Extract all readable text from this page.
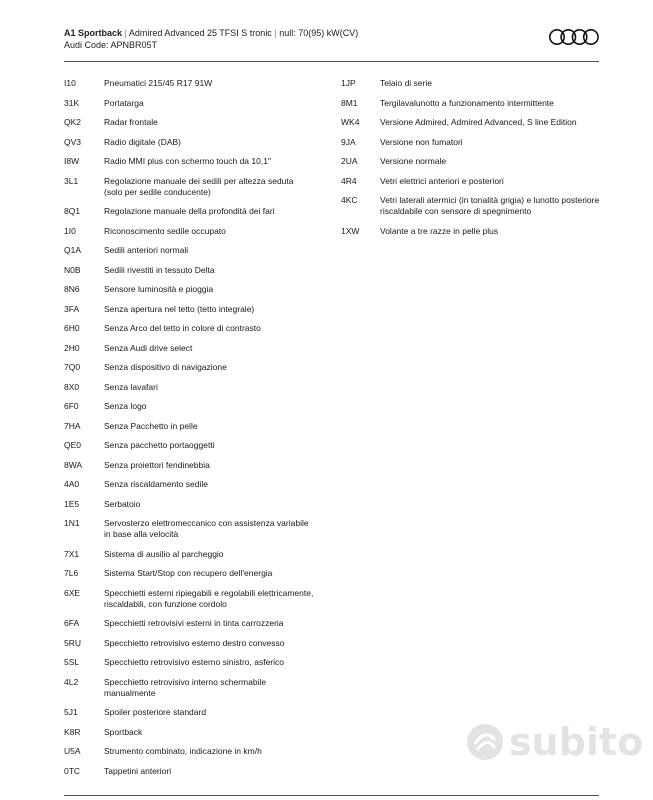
A1 Sportback | Admired Advanced 25 TFSI S tronic | null: 70(95) kW(CV)
Audi Code: APNBR05T
I10	Pneumatici 215/45 R17 91W
31K	Portatarga
QK2	Radar frontale
QV3	Radio digitale (DAB)
I8W	Radio MMI plus con schermo touch da 10,1"
3L1	Regolazione manuale dei sedili per altezza seduta (solo per sedile conducente)
8Q1	Regolazione manuale della profondità dei fari
1I0	Riconoscimento sedile occupato
Q1A	Sedili anteriori normali
N0B	Sedili rivestiti in tessuto Delta
8N6	Sensore luminosità e pioggia
3FA	Senza apertura nel tetto (tetto integrale)
6H0	Senza Arco del tetto in colore di contrasto
2H0	Senza Audi drive select
7Q0	Senza dispositivo di navigazione
8X0	Senza lavafari
6F0	Senza logo
7HA	Senza Pacchetto in pelle
QE0	Senza pacchetto portaoggetti
8WA	Senza proiettori fendinebbia
4A0	Senza riscaldamento sedile
1E5	Serbatoio
1N1	Servosterzo elettromeccanico con assistenza variabile in base alla velocità
7X1	Sistema di ausilio al parcheggio
7L6	Sistema Start/Stop con recupero dell'energia
6XE	Specchietti esterni ripiegabili e regolabili elettricamente, riscaldabili, con funzione cordolo
6FA	Specchietti retrovisivi esterni in tinta carrozzeria
5RU	Specchietto retrovisivo esterno destro convesso
5SL	Specchietto retrovisivo esterno sinistro, asferico
4L2	Specchietto retrovisivo interno schermabile manualmente
5J1	Spoiler posteriore standard
K8R	Sportback
U5A	Strumento combinato, indicazione in km/h
0TC	Tappetini anteriori
1JP	Telaio di serie
8M1	Tergilavalunotto a funzionamento intermittente
WK4	Versione Admired, Admired Advanced, S line Edition
9JA	Versione non fumatori
2UA	Versione normale
4R4	Vetri elettrici anteriori e posteriori
4KC	Vetri laterali atermici (in tonalità grigia) e lunotto posteriore riscaldabile con sensore di spegnimento
1XW	Volante a tre razze in pelle plus
subito
